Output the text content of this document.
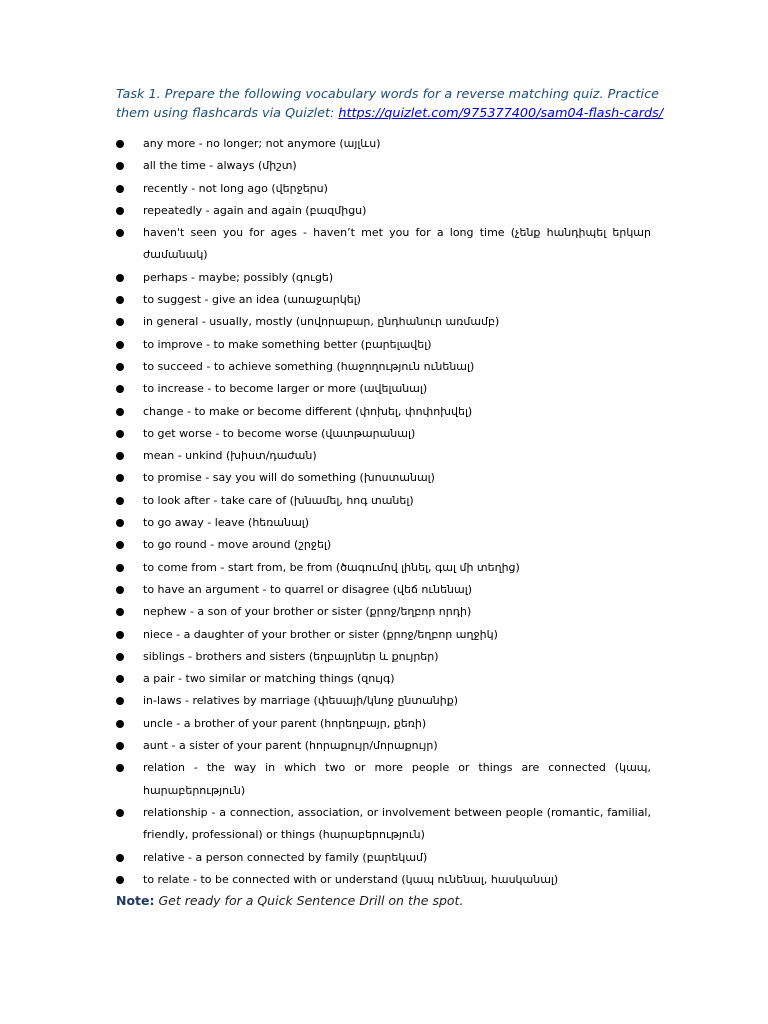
Task 1. Prepare the following vocabulary words for a reverse matching quiz. Practice them using flashcards via Quizlet: https://quizlet.com/975377400/sam04-flash-cards/
any more - no longer; not anymore (այլևս)
all the time - always (միշտ)
recently - not long ago (վերջերս)
repeatedly - again and again (բազմիցս)
haven't seen you for ages - haven’t met you for a long time (չենք հանդիպել երկար ժամանակ)
perhaps - maybe; possibly (գուցե)
to suggest - give an idea (առաջարկել)
in general - usually, mostly (սովորաբար, ընդհանուր առմամբ)
to improve - to make something better (բարելավել)
to succeed - to achieve something (հաջողություն ունենալ)
to increase - to become larger or more (ավելանալ)
change - to make or become different (փոխել, փոփոխվել)
to get worse - to become worse (վատթարանալ)
mean - unkind (խիստ/դաժան)
to promise - say you will do something (խոստանալ)
to look after - take care of (խնամել, հոգ տանել)
to go away - leave (հեռանալ)
to go round - move around (շրջել)
to come from - start from, be from (ծագումով լինել, գալ մի տեղից)
to have an argument - to quarrel or disagree (վեճ ունենալ)
nephew - a son of your brother or sister (քրոջ/եղբոր որդի)
niece - a daughter of your brother or sister (քրոջ/եղբոր աղջիկ)
siblings - brothers and sisters (եղբայրներ և քույրեր)
a pair - two similar or matching things (զույգ)
in-laws - relatives by marriage (փեսայի/կնոջ ընտանիք)
uncle - a brother of your parent (հորեղբայր, քեռի)
aunt - a sister of your parent (հորաքույր/մորաքույր)
relation - the way in which two or more people or things are connected (կապ, հարաբերություն)
relationship - a connection, association, or involvement between people (romantic, familial, friendly, professional) or things (հարաբերություն)
relative - a person connected by family (բարեկամ)
to relate - to be connected with or understand (կապ ունենալ, հասկանալ)
Note: Get ready for a Quick Sentence Drill on the spot.
